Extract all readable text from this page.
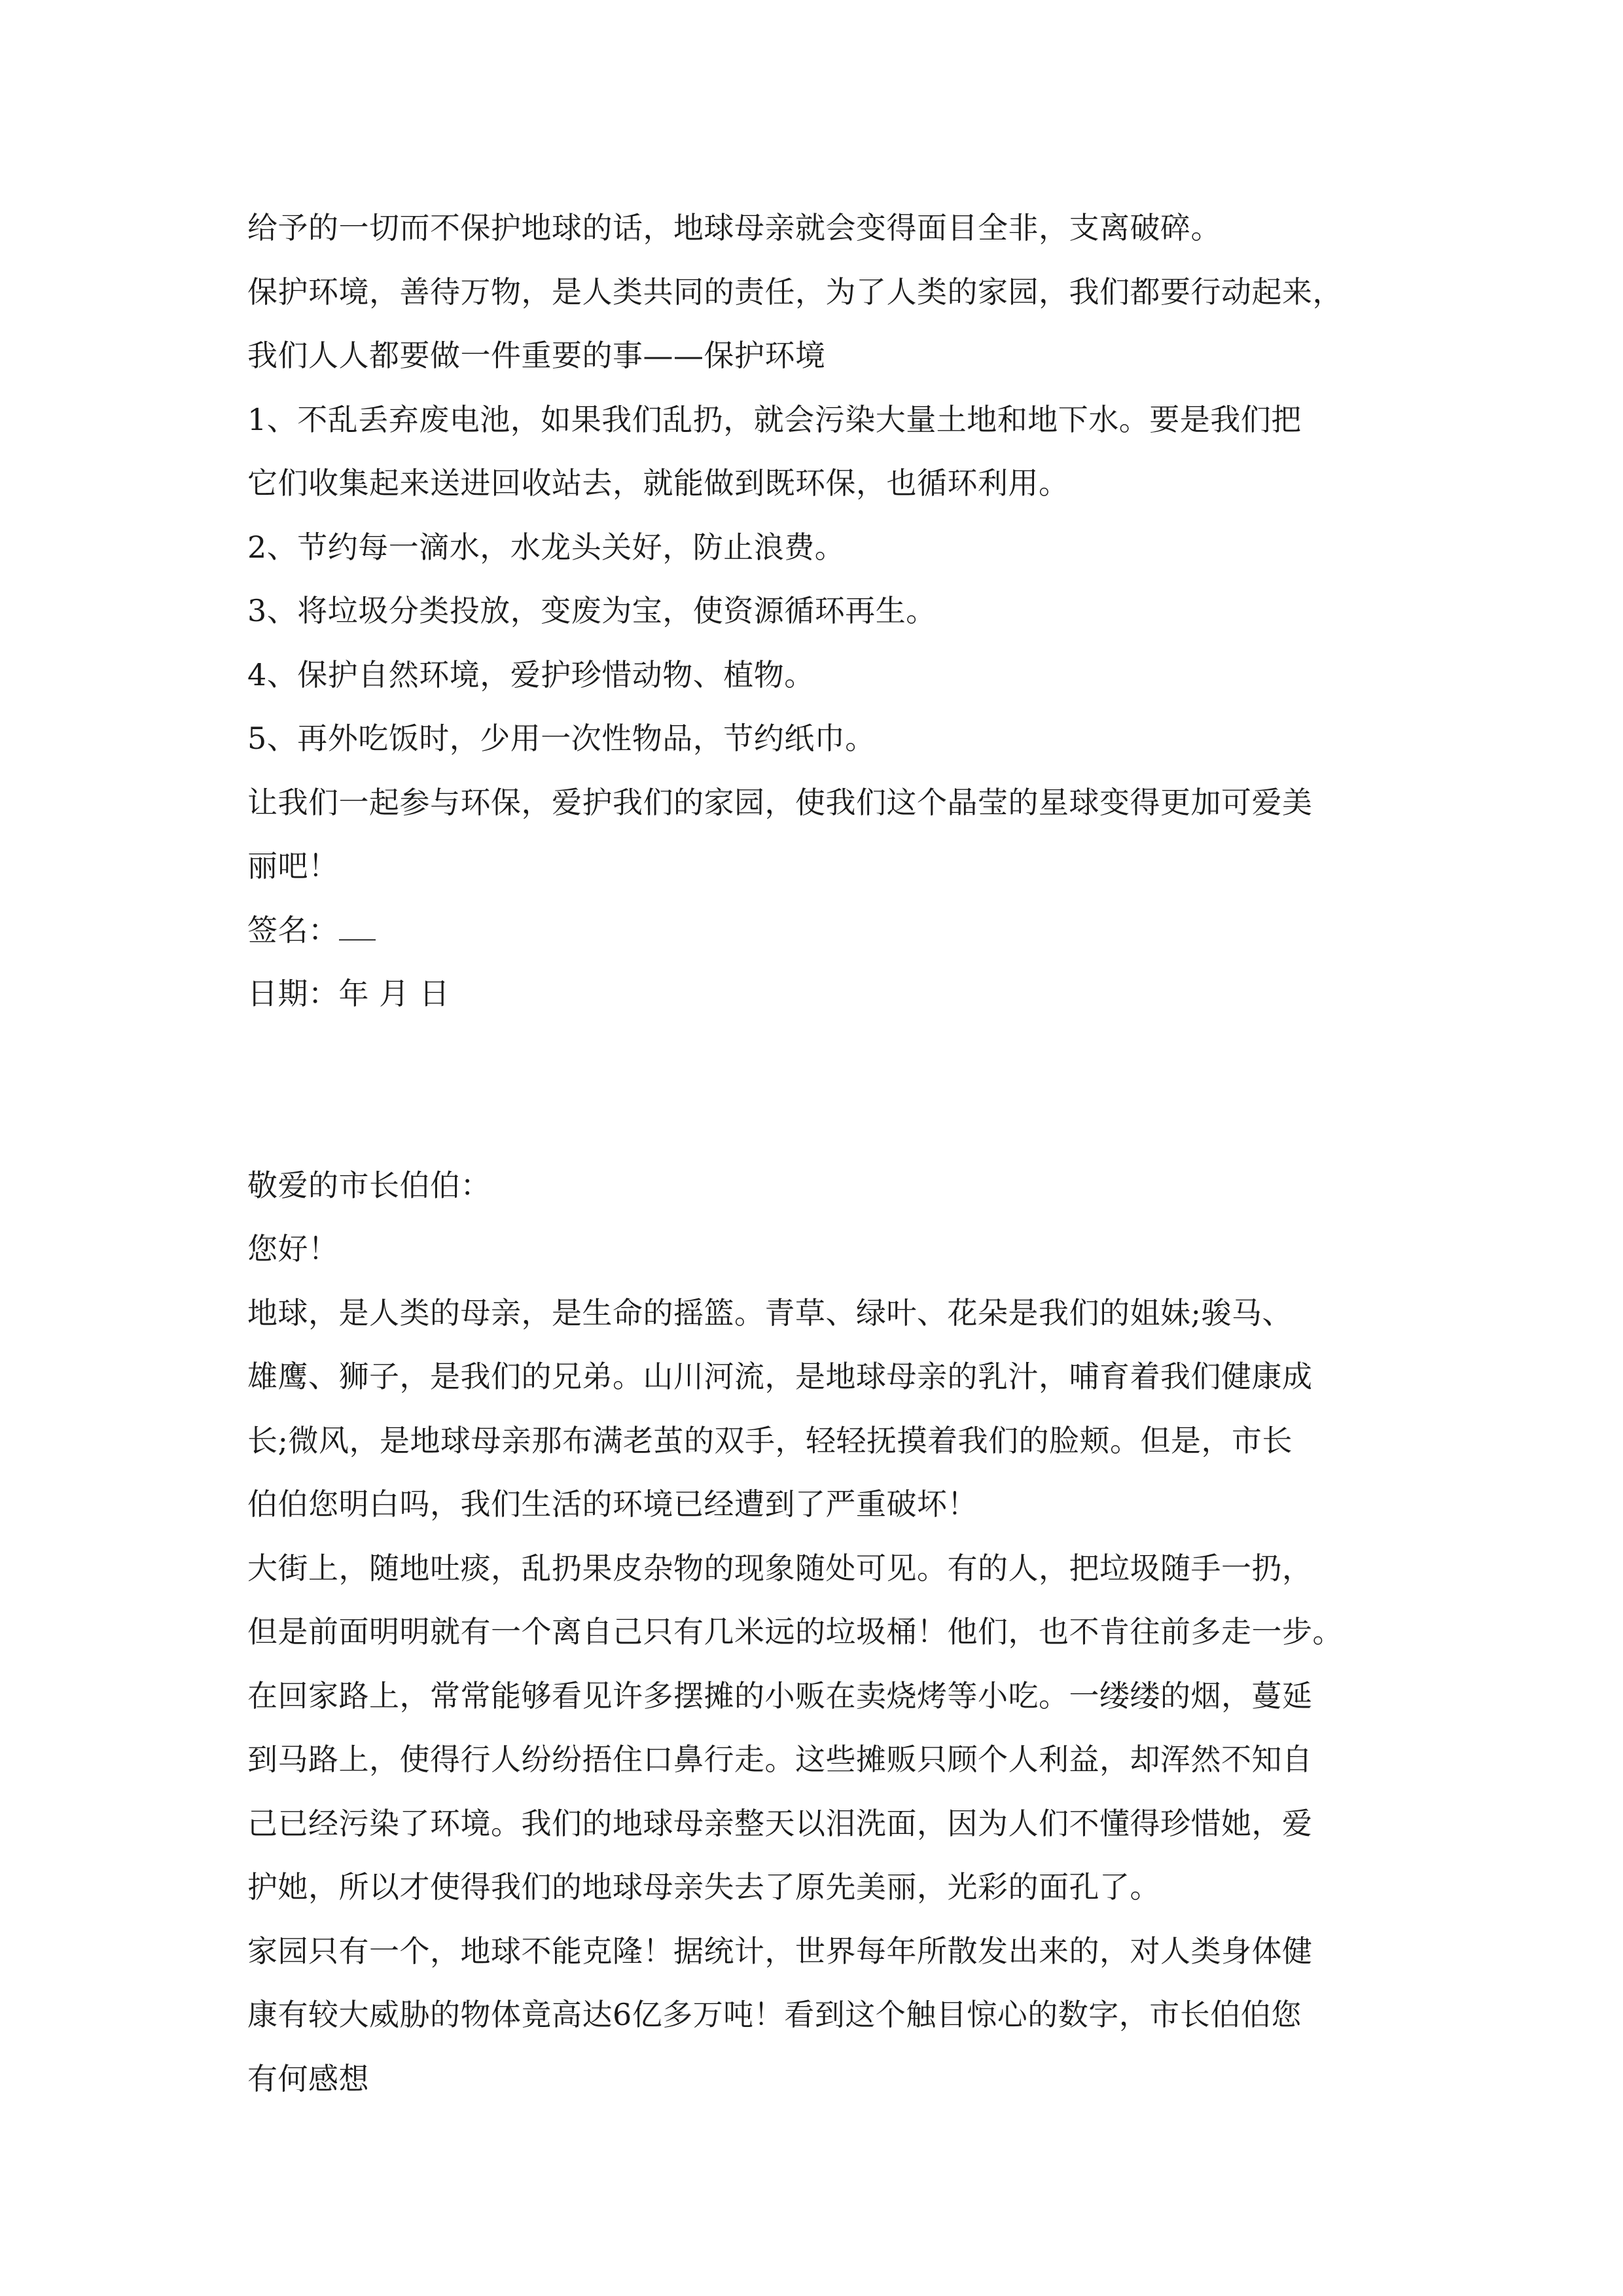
给予的一切而不保护地球的话，地球母亲就会变得面目全非，支离破碎。
保护环境，善待万物，是人类共同的责任，为了人类的家园，我们都要行动起来，
我们人人都要做一件重要的事——保护环境
1、不乱丢弃废电池，如果我们乱扔，就会污染大量土地和地下水。要是我们把
它们收集起来送进回收站去，就能做到既环保，也循环利用。
2、节约每一滴水，水龙头关好，防止浪费。
3、将垃圾分类投放，变废为宝，使资源循环再生。
4、保护自然环境，爱护珍惜动物、植物。
5、再外吃饭时，少用一次性物品，节约纸巾。
让我们一起参与环保，爱护我们的家园，使我们这个晶莹的星球变得更加可爱美
丽吧！
签名：
日期：年 月 日
敬爱的市长伯伯：
您好！
地球，是人类的母亲，是生命的摇篮。青草、绿叶、花朵是我们的姐妹;骏马、
雄鹰、狮子，是我们的兄弟。山川河流，是地球母亲的乳汁，哺育着我们健康成
长;微风，是地球母亲那布满老茧的双手，轻轻抚摸着我们的脸颊。但是，市长
伯伯您明白吗，我们生活的环境已经遭到了严重破坏！
大街上，随地吐痰，乱扔果皮杂物的现象随处可见。有的人，把垃圾随手一扔，
但是前面明明就有一个离自己只有几米远的垃圾桶！他们，也不肯往前多走一步。
在回家路上，常常能够看见许多摆摊的小贩在卖烧烤等小吃。一缕缕的烟，蔓延
到马路上，使得行人纷纷捂住口鼻行走。这些摊贩只顾个人利益，却浑然不知自
己已经污染了环境。我们的地球母亲整天以泪洗面，因为人们不懂得珍惜她，爱
护她，所以才使得我们的地球母亲失去了原先美丽，光彩的面孔了。
家园只有一个，地球不能克隆！据统计，世界每年所散发出来的，对人类身体健
康有较大威胁的物体竟高达6亿多万吨！看到这个触目惊心的数字，市长伯伯您
有何感想
